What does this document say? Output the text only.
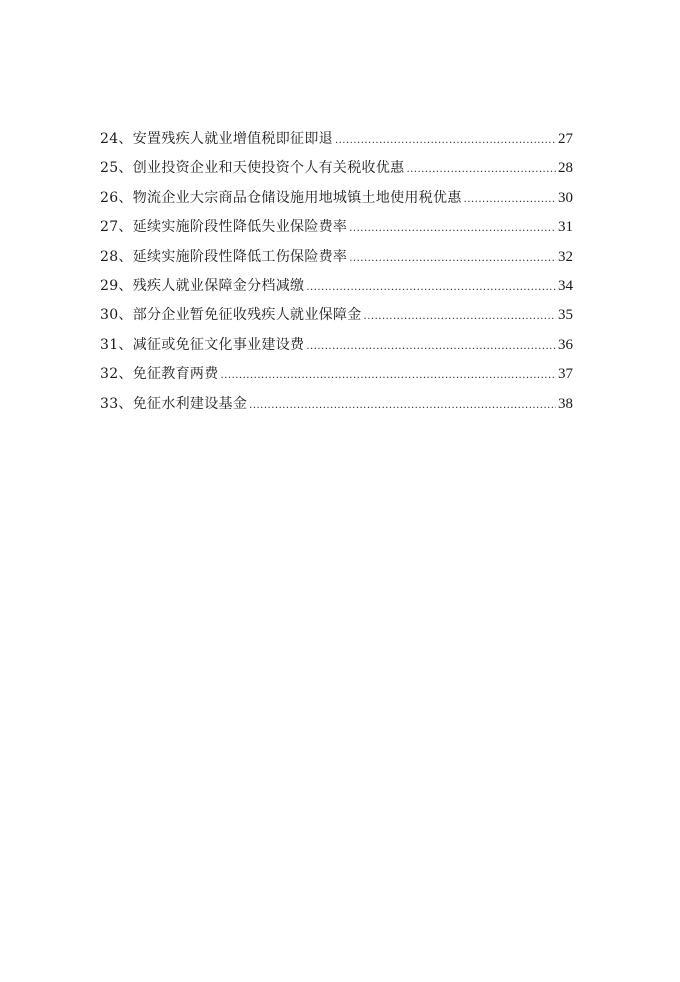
24、安置残疾人就业增值税即征即退 .....	27
25、创业投资企业和天使投资个人有关税收优惠 .....	28
26、物流企业大宗商品仓储设施用地城镇土地使用税优惠 .....	30
27、延续实施阶段性降低失业保险费率 .....	31
28、延续实施阶段性降低工伤保险费率 .....	32
29、残疾人就业保障金分档减缴 .....	34
30、部分企业暂免征收残疾人就业保障金 .....	35
31、减征或免征文化事业建设费 .....	36
32、免征教育两费 .....	37
33、免征水利建设基金 .....	38
